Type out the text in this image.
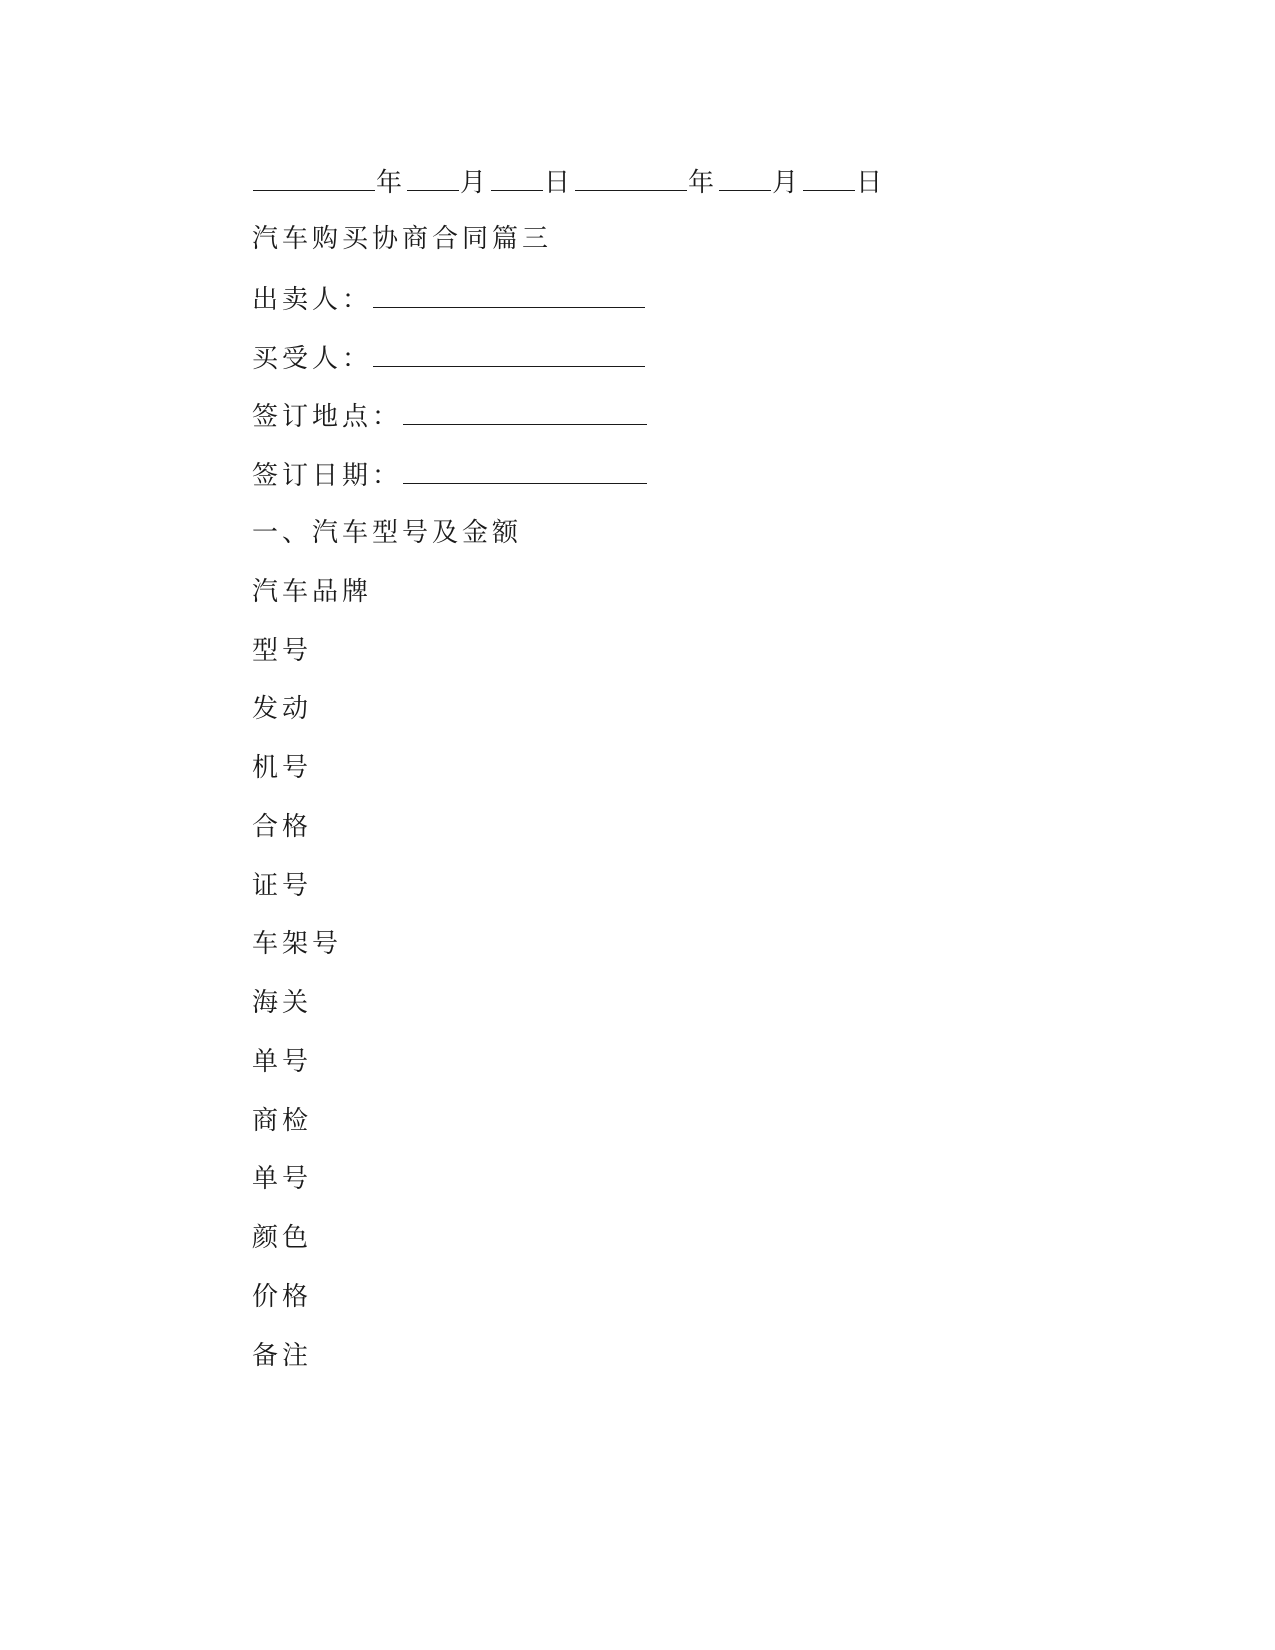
年 月 日	年 月 日
汽车购买协商合同篇三
出卖人：
买受人：
签订地点：
签订日期：
一、汽车型号及金额
汽车品牌
型号
发动
机号
合格
证号
车架号
海关
单号
商检
单号
颜色
价格
备注
